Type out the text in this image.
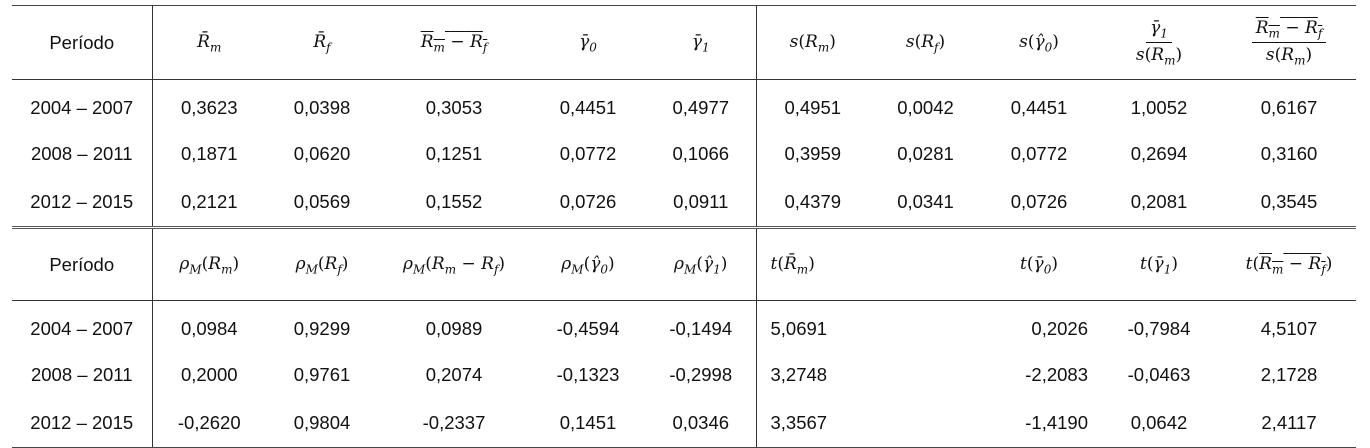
Período	$R̄_m$	$R̄_f$	$R_m - R_f$	$\gammā_0$	$\gammā_1$	$s(R_m)$	$s(R_f)$	$s(\gammâ_0)$	$\frac{\gammā_1}{s(R_m)}$	$\frac{R_m - R_f}{s(R_m)}$

2004 – 2007	0,3623	0,0398	0,3053	0,4451	0,4977	0,4951	0,0042	0,4451	1,0052	0,6167
2008 – 2011	0,1871	0,0620	0,1251	0,0772	0,1066	0,3959	0,0281	0,0772	0,2694	0,3160
2012 – 2015	0,2121	0,0569	0,1552	0,0726	0,0911	0,4379	0,0341	0,0726	0,2081	0,3545
Período	$\rho_M(R_m)$	$\rho_M(R_f)$	$\rho_M(R_m - R_f)$	$\rho_M(\gammâ_0)$	$\rho_M(\gammâ_1)$	$t(R̄_m)$		$t(\gammā_0)$	$t(\gammā_1)$	$t(R_m - R_f)$
2004 – 2007	0,0984	0,9299	0,0989	-0,4594	-0,1494	5,0691		0,2026	-0,7984	4,5107
2008 – 2011	0,2000	0,9761	0,2074	-0,1323	-0,2998	3,2748		-2,2083	-0,0463	2,1728
2012 – 2015	-0,2620	0,9804	-0,2337	0,1451	0,0346	3,3567		-1,4190	0,0642	2,4117
